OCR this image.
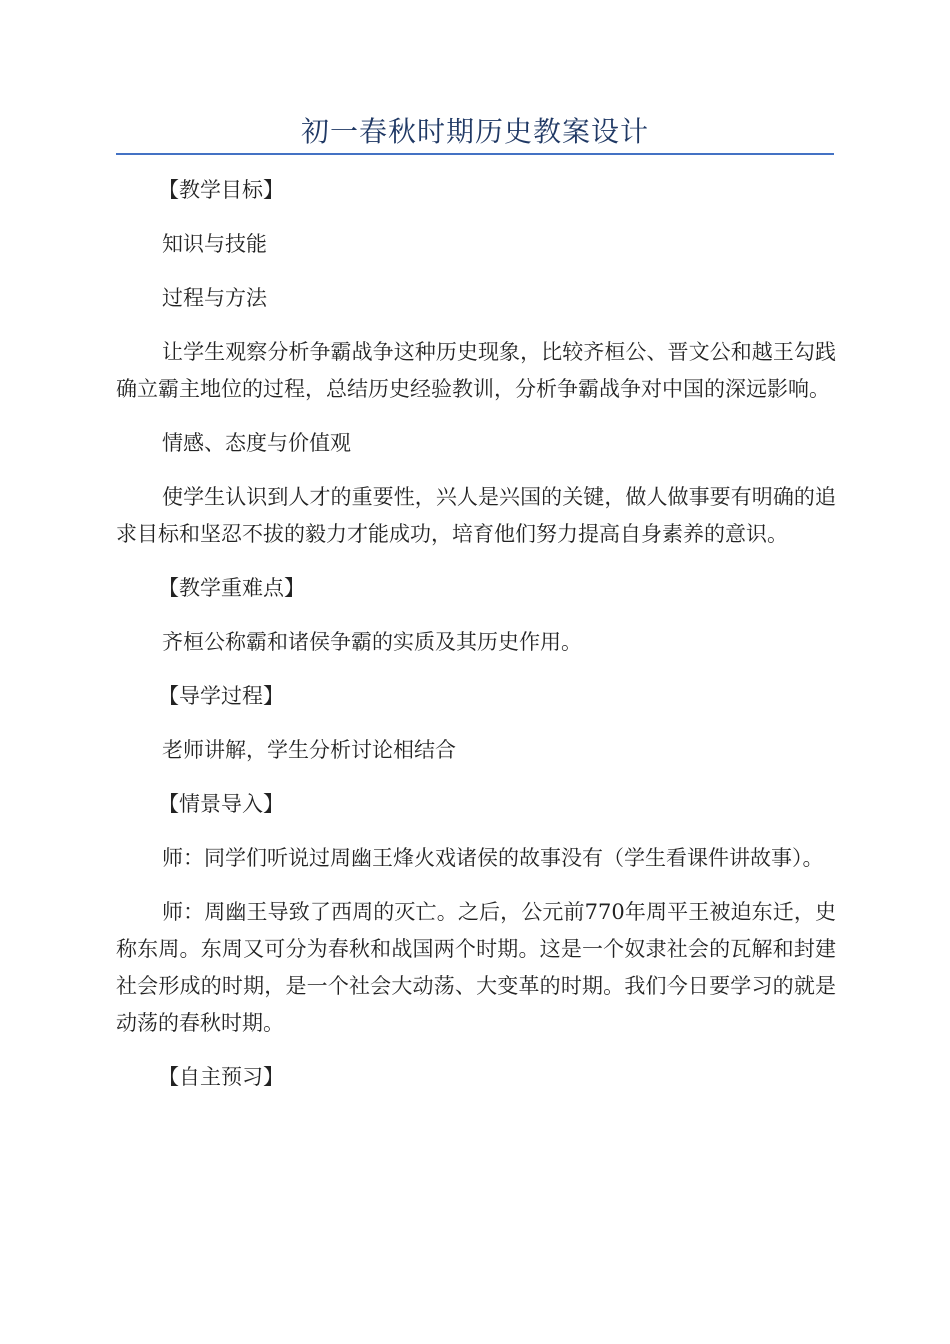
初一春秋时期历史教案设计

【教学目标】

知识与技能

过程与方法

让学生观察分析争霸战争这种历史现象，比较齐桓公、晋文公和越王勾践确立霸主地位的过程，总结历史经验教训，分析争霸战争对中国的深远影响。

情感、态度与价值观

使学生认识到人才的重要性，兴人是兴国的关键，做人做事要有明确的追求目标和坚忍不拔的毅力才能成功，培育他们努力提高自身素养的意识。

【教学重难点】

齐桓公称霸和诸侯争霸的实质及其历史作用。

【导学过程】

老师讲解，学生分析讨论相结合

【情景导入】

师：同学们听说过周幽王烽火戏诸侯的故事没有（学生看课件讲故事）。

师：周幽王导致了西周的灭亡。之后，公元前770年周平王被迫东迁，史称东周。东周又可分为春秋和战国两个时期。这是一个奴隶社会的瓦解和封建社会形成的时期，是一个社会大动荡、大变革的时期。我们今日要学习的就是动荡的春秋时期。

【自主预习】
